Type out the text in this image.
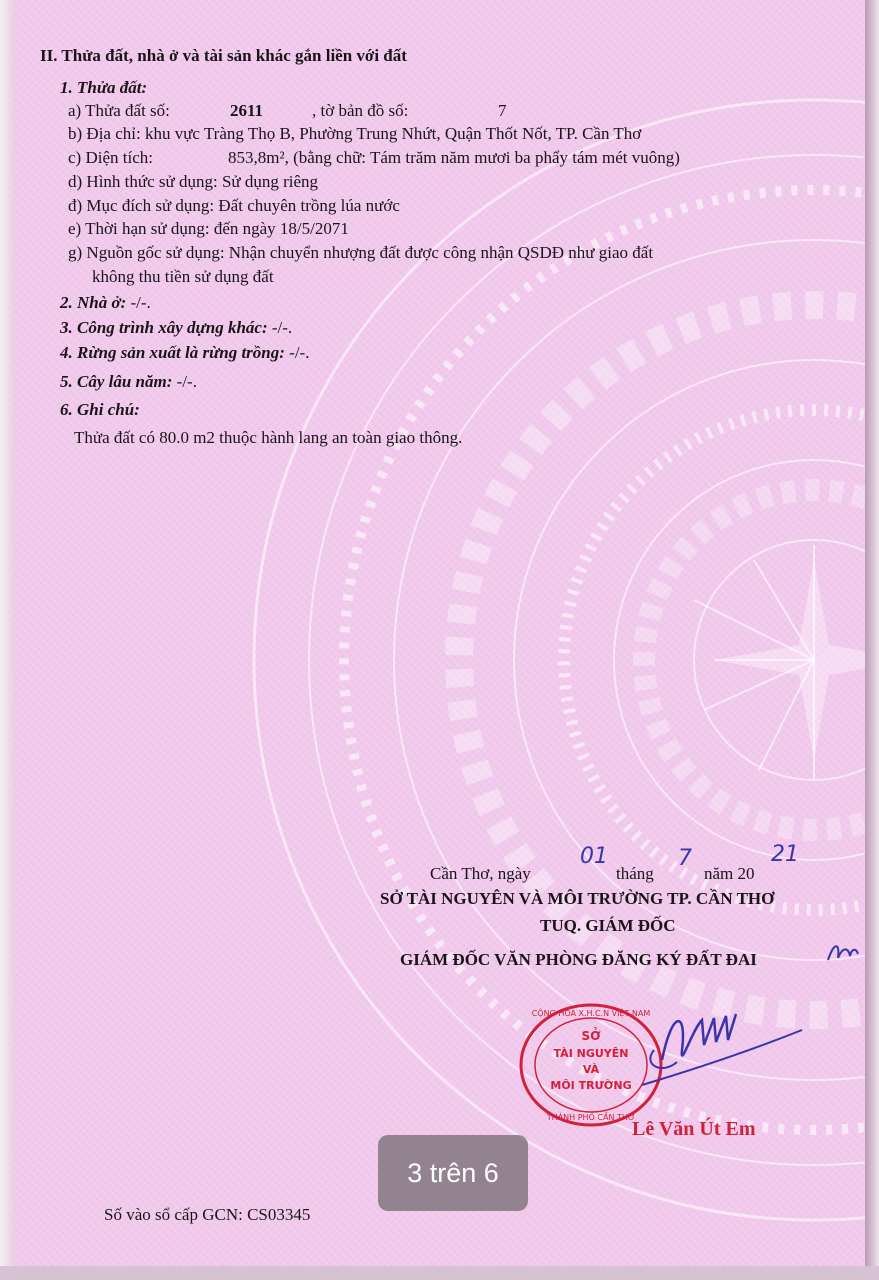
II. Thửa đất, nhà ở và tài sản khác gắn liền với đất
1. Thửa đất:
a) Thửa đất số:	2611	, tờ bản đồ số:	7
b) Địa chỉ: khu vực Tràng Thọ B, Phường Trung Nhứt, Quận Thốt Nốt, TP. Cần Thơ
c) Diện tích:	853,8m², (bằng chữ: Tám trăm năm mươi ba phẩy tám mét vuông)
d) Hình thức sử dụng: Sử dụng riêng
đ) Mục đích sử dụng: Đất chuyên trồng lúa nước
e) Thời hạn sử dụng: đến ngày 18/5/2071
g) Nguồn gốc sử dụng: Nhận chuyển nhượng đất được công nhận QSDĐ như giao đất
không thu tiền sử dụng đất
2. Nhà ở: -/-.
3. Công trình xây dựng khác: -/-.
4. Rừng sản xuất là rừng trồng: -/-.
5. Cây lâu năm: -/-.
6. Ghi chú:
Thửa đất có 80.0 m2 thuộc hành lang an toàn giao thông.
Cần Thơ, ngày
01
tháng
7
năm 20
21
SỞ TÀI NGUYÊN VÀ MÔI TRƯỜNG TP. CẦN THƠ
TUQ. GIÁM ĐỐC
GIÁM ĐỐC VĂN PHÒNG ĐĂNG KÝ ĐẤT ĐAI
CỘNG HÒA X.H.C.N VIỆT NAM
SỞ
TÀI NGUYÊN
VÀ
MÔI TRƯỜNG
THÀNH PHỐ CẦN THƠ
Lê Văn Út Em
Số vào sổ cấp GCN: CS03345
3 trên 6
